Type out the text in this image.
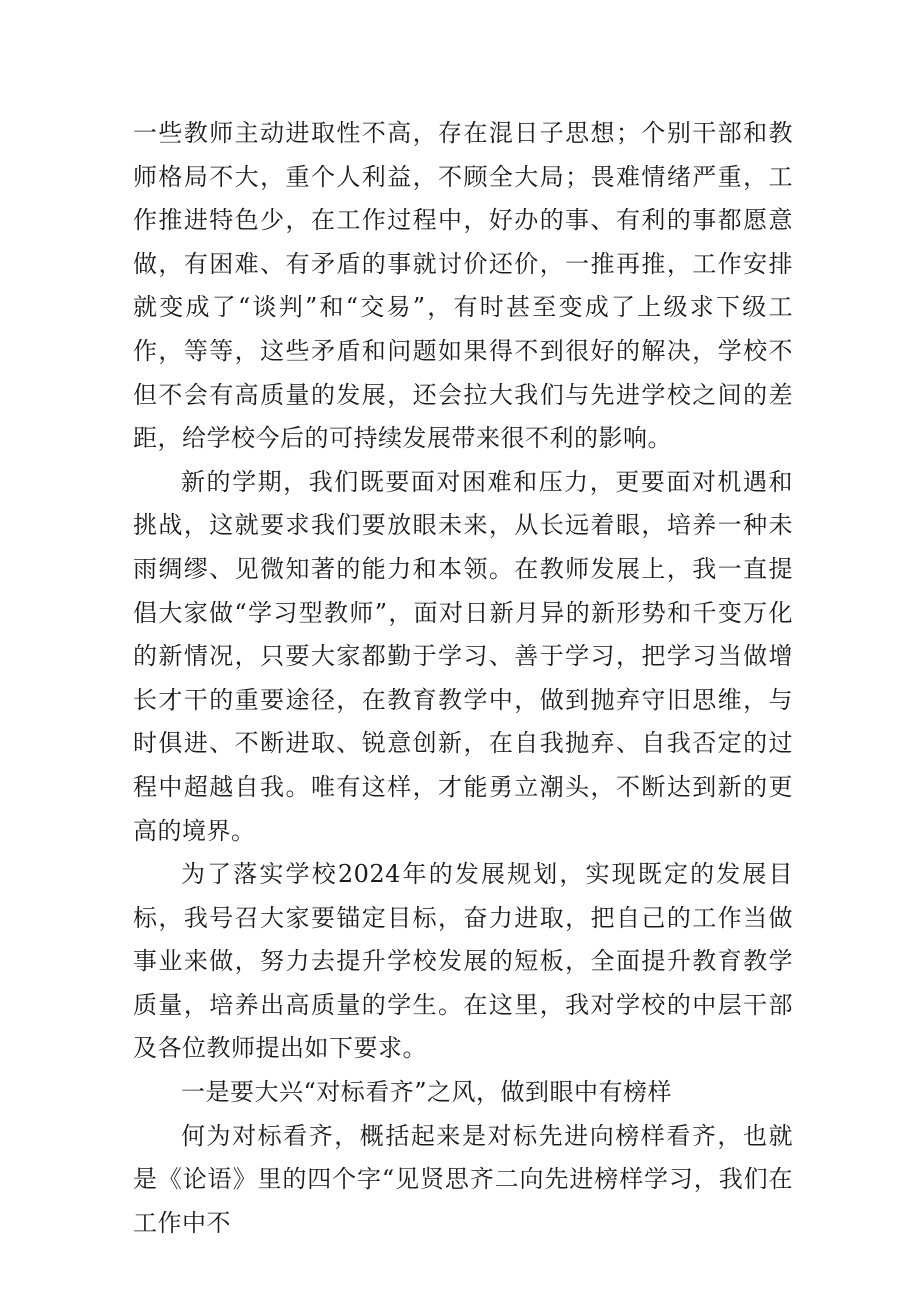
一些教师主动进取性不高，存在混日子思想；个别干部和教师格局不大，重个人利益，不顾全大局；畏难情绪严重，工作推进特色少，在工作过程中，好办的事、有利的事都愿意做，有困难、有矛盾的事就讨价还价，一推再推，工作安排就变成了“谈判”和“交易”，有时甚至变成了上级求下级工作，等等，这些矛盾和问题如果得不到很好的解决，学校不但不会有高质量的发展，还会拉大我们与先进学校之间的差距，给学校今后的可持续发展带来很不利的影响。

新的学期，我们既要面对困难和压力，更要面对机遇和挑战，这就要求我们要放眼未来，从长远着眼，培养一种未雨绸缪、见微知著的能力和本领。在教师发展上，我一直提倡大家做“学习型教师”，面对日新月异的新形势和千变万化的新情况，只要大家都勤于学习、善于学习，把学习当做增长才干的重要途径，在教育教学中，做到抛弃守旧思维，与时俱进、不断进取、锐意创新，在自我抛弃、自我否定的过程中超越自我。唯有这样，才能勇立潮头，不断达到新的更高的境界。

为了落实学校2024年的发展规划，实现既定的发展目标，我号召大家要锚定目标，奋力进取，把自己的工作当做事业来做，努力去提升学校发展的短板，全面提升教育教学质量，培养出高质量的学生。在这里，我对学校的中层干部及各位教师提出如下要求。

一是要大兴“对标看齐”之风，做到眼中有榜样

何为对标看齐，概括起来是对标先进向榜样看齐，也就是《论语》里的四个字“见贤思齐二向先进榜样学习，我们在工作中不
